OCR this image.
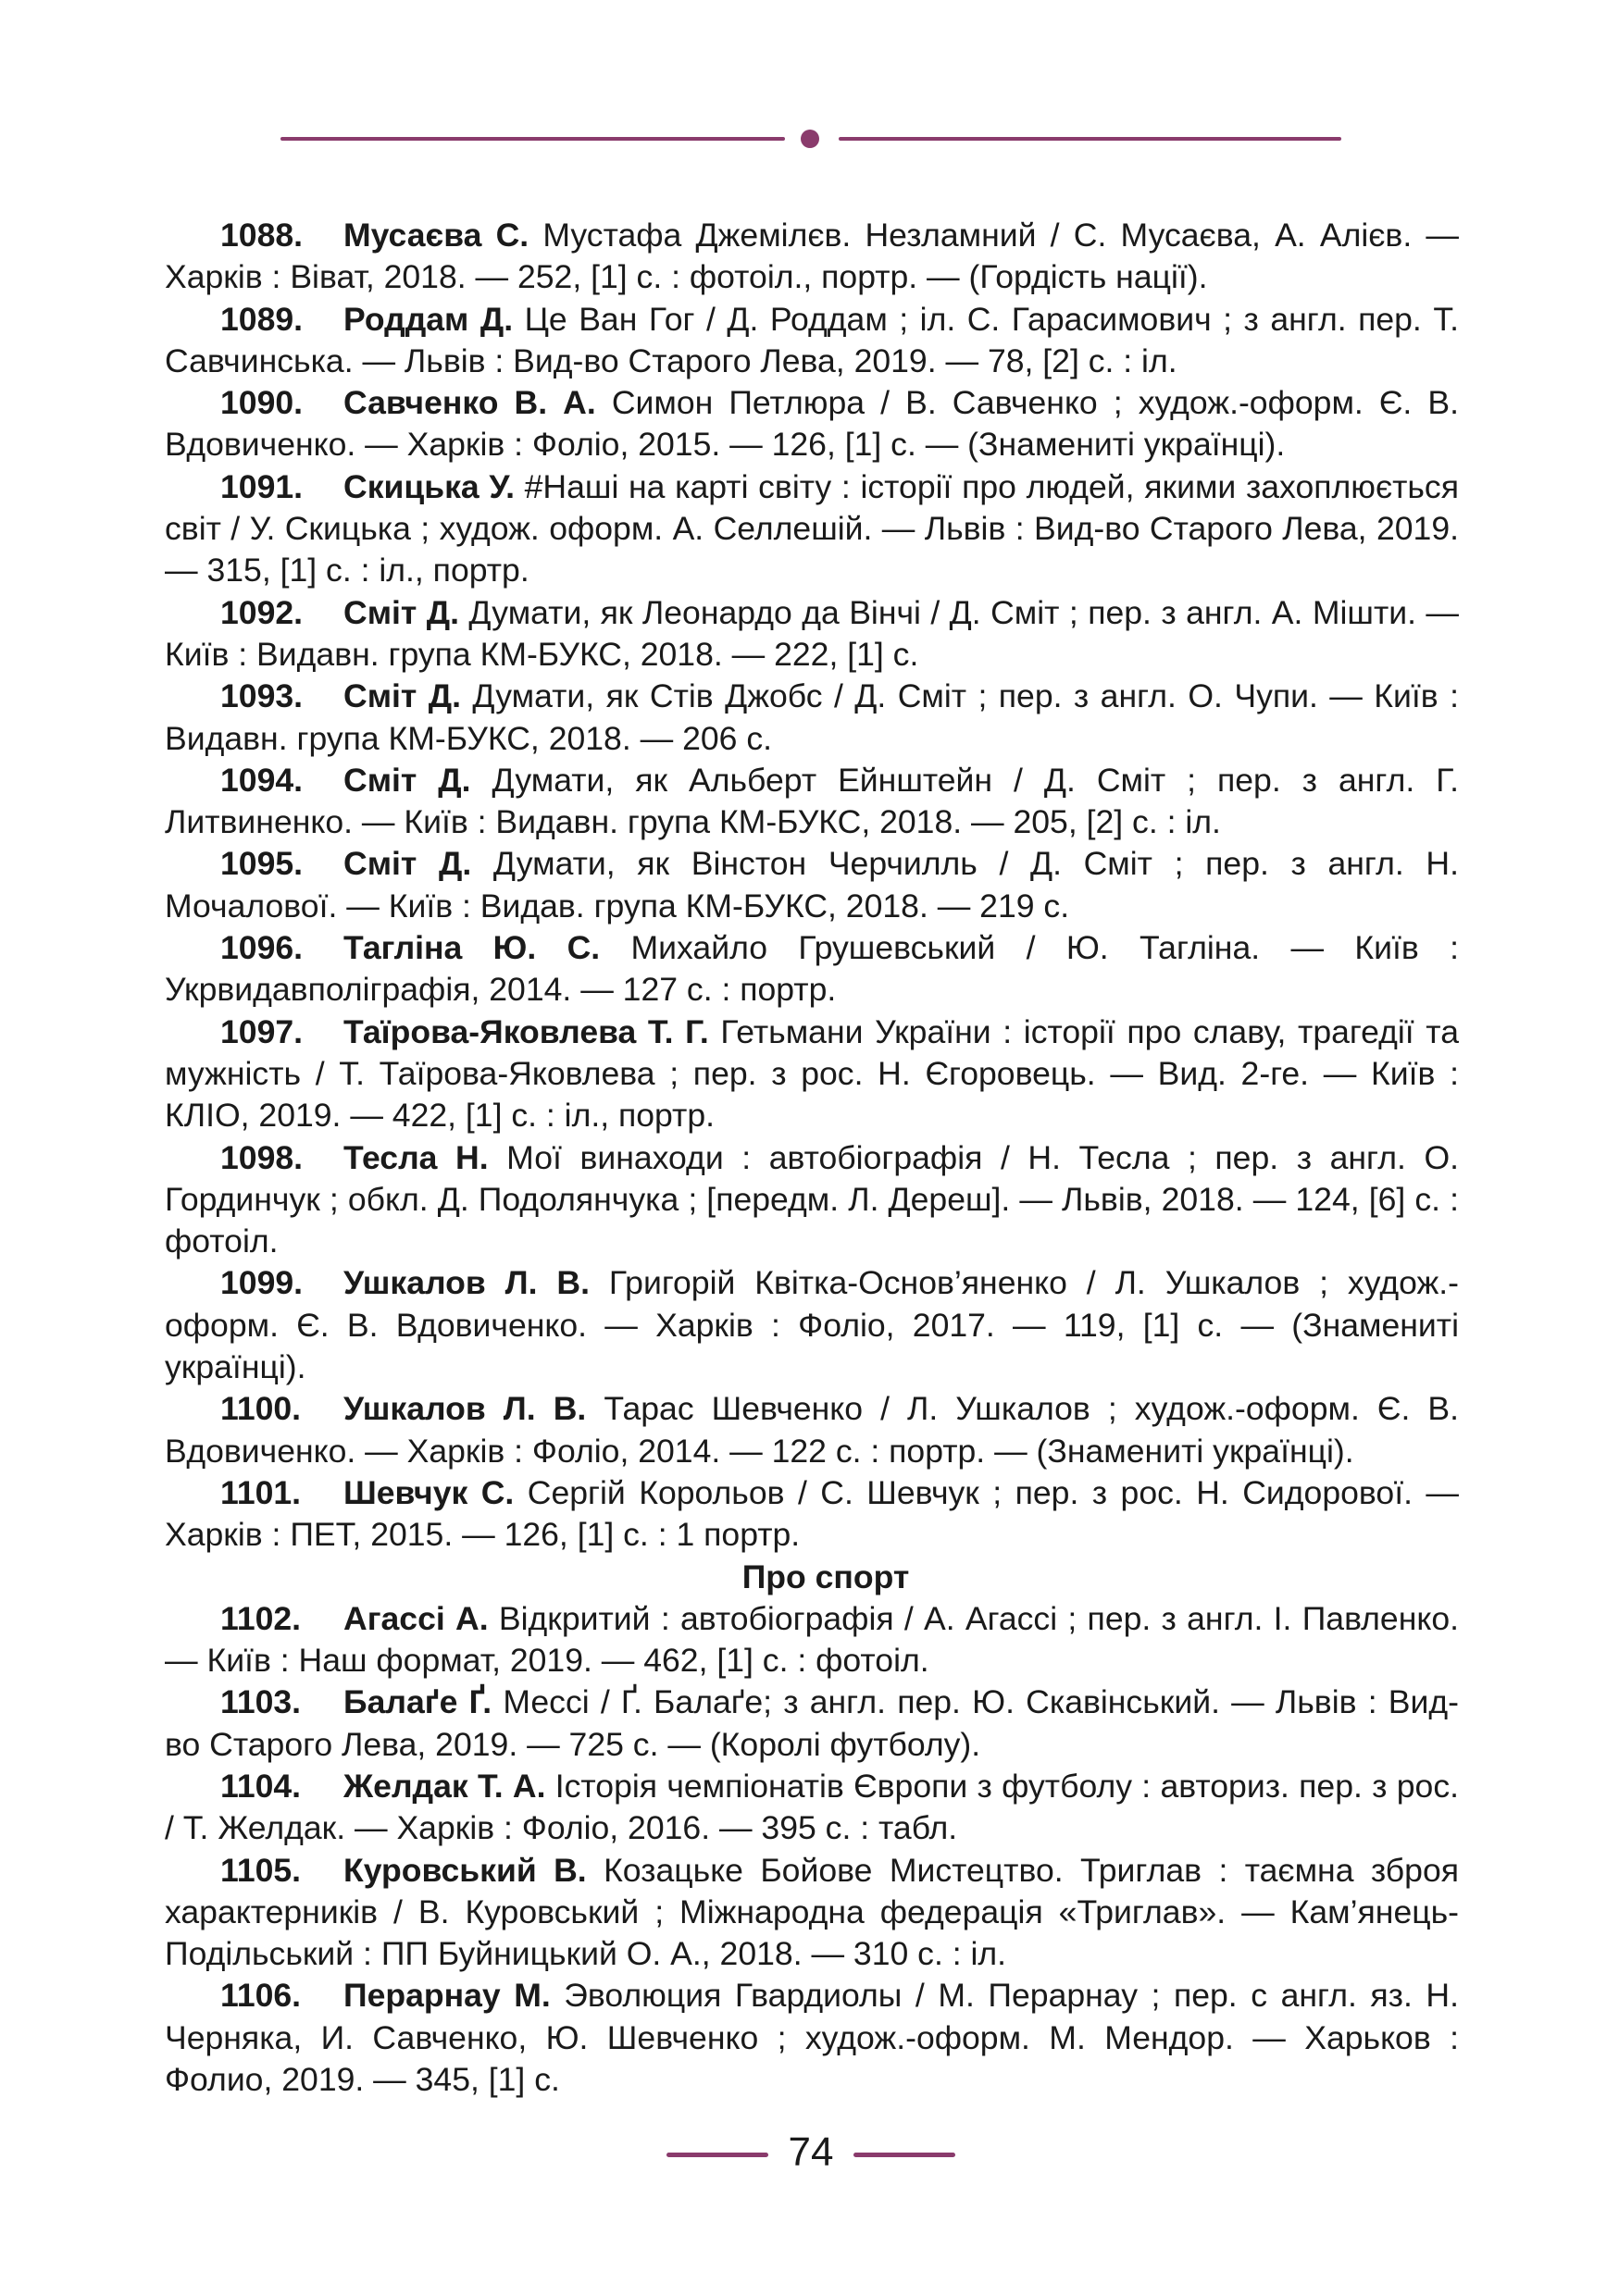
1088. Мусаєва С. Мустафа Джемілєв. Незламний / С. Мусаєва, А. Алієв. — Харків : Віват, 2018. — 252, [1] с. : фотоіл., портр. — (Гордість нації).

1089. Роддам Д. Це Ван Гог / Д. Роддам ; іл. С. Гарасимович ; з англ. пер. Т. Савчинська. — Львів : Вид-во Старого Лева, 2019. — 78, [2] с. : іл.

1090. Савченко В. А. Симон Петлюра / В. Савченко ; худож.-оформ. Є. В. Вдовиченко. — Харків : Фоліо, 2015. — 126, [1] с. — (Знамениті українці).

1091. Скицька У. #Наші на карті світу : історії про людей, якими захоплюється світ / У. Скицька ; худож. оформ. А. Селлешій. — Львів : Вид-во Старого Лева, 2019. — 315, [1] с. : іл., портр.

1092. Сміт Д. Думати, як Леонардо да Вінчі / Д. Сміт ; пер. з англ. А. Мішти. — Київ : Видавн. група КМ-БУКС, 2018. — 222, [1] с.

1093. Сміт Д. Думати, як Стів Джобс / Д. Сміт ; пер. з англ. О. Чупи. — Київ : Видавн. група КМ-БУКС, 2018. — 206 с.

1094. Сміт Д. Думати, як Альберт Ейнштейн / Д. Сміт ; пер. з англ. Г. Литвиненко. — Київ : Видавн. група КМ-БУКС, 2018. — 205, [2] с. : іл.

1095. Сміт Д. Думати, як Вінстон Черчилль / Д. Сміт ; пер. з англ. Н. Мочалової. — Київ : Видав. група КМ-БУКС, 2018. — 219 с.

1096. Тагліна Ю. С. Михайло Грушевський / Ю. Тагліна. — Київ : Укрвидавполіграфія, 2014. — 127 с. : портр.

1097. Таїрова-Яковлева Т. Г. Гетьмани України : історії про славу, трагедії та мужність / Т. Таїрова-Яковлева ; пер. з рос. Н. Єгоровець. — Вид. 2-ге. — Київ : КЛІО, 2019. — 422, [1] с. : іл., портр.

1098. Тесла Н. Мої винаходи : автобіографія / Н. Тесла ; пер. з англ. О. Гординчук ; обкл. Д. Подолянчука ; [передм. Л. Дереш]. — Львів, 2018. — 124, [6] с. : фотоіл.

1099. Ушкалов Л. В. Григорій Квітка-Основ’яненко / Л. Ушкалов ; худож.-оформ. Є. В. Вдовиченко. — Харків : Фоліо, 2017. — 119, [1] с. — (Знамениті українці).

1100. Ушкалов Л. В. Тарас Шевченко / Л. Ушкалов ; худож.-оформ. Є. В. Вдовиченко. — Харків : Фоліо, 2014. — 122 с. : портр. — (Знамениті українці).

1101. Шевчук С. Сергій Корольов / С. Шевчук ; пер. з рос. Н. Сидорової. — Харків : ПЕТ, 2015. — 126, [1] с. : 1 портр.

Про спорт

1102. Агассі А. Відкритий : автобіографія / А. Агассі ; пер. з англ. І. Павленко. — Київ : Наш формат, 2019. — 462, [1] с. : фотоіл.

1103. Балаґе Ґ. Мессі / Ґ. Балаґе; з англ. пер. Ю. Скавінський. — Львів : Вид-во Старого Лева, 2019. — 725 с. — (Королі футболу).

1104. Желдак Т. А. Історія чемпіонатів Європи з футболу : авториз. пер. з рос. / Т. Желдак. — Харків : Фоліо, 2016. — 395 с. : табл.

1105. Куровський В. Козацьке Бойове Мистецтво. Триглав : таємна зброя характерників / В. Куровський ; Міжнародна федерація «Триглав». — Кам’янець-Подільський : ПП Буйницький О. А., 2018. — 310 с. : іл.

1106. Перарнау М. Эволюция Гвардиолы / М. Перарнау ; пер. с англ. яз. Н. Черняка, И. Савченко, Ю. Шевченко ; худож.-оформ. М. Мендор. — Харьков : Фолио, 2019. — 345, [1] с.

74
